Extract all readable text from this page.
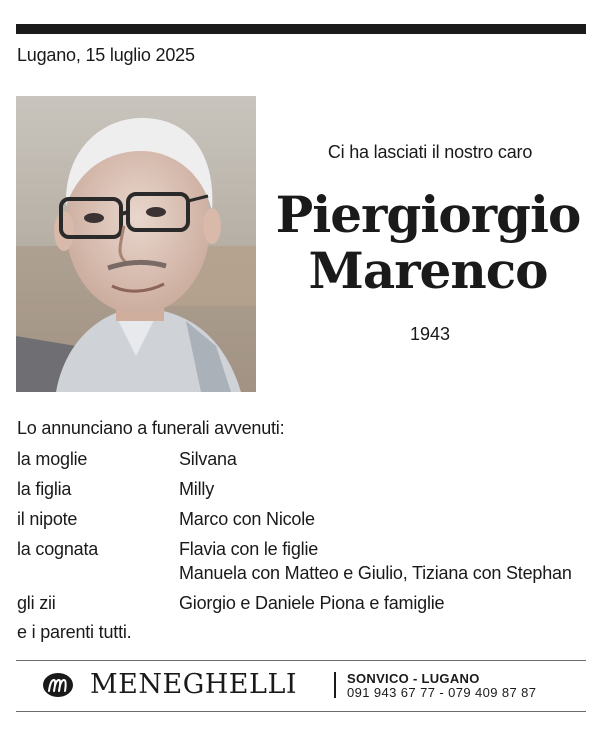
Lugano, 15 luglio 2025
Ci ha lasciati il nostro caro
Piergiorgio
Marenco
1943
Lo annunciano a funerali avvenuti:
la moglie	Silvana
la figlia	Milly
il nipote	Marco con Nicole
la cognata	Flavia con le figlie
Manuela con Matteo e Giulio, Tiziana con Stephan
gli zii	Giorgio e Daniele Piona e famiglie
e i parenti tutti.
MENEGHELLI	SONVICO - LUGANO
091 943 67 77 - 079 409 87 87
